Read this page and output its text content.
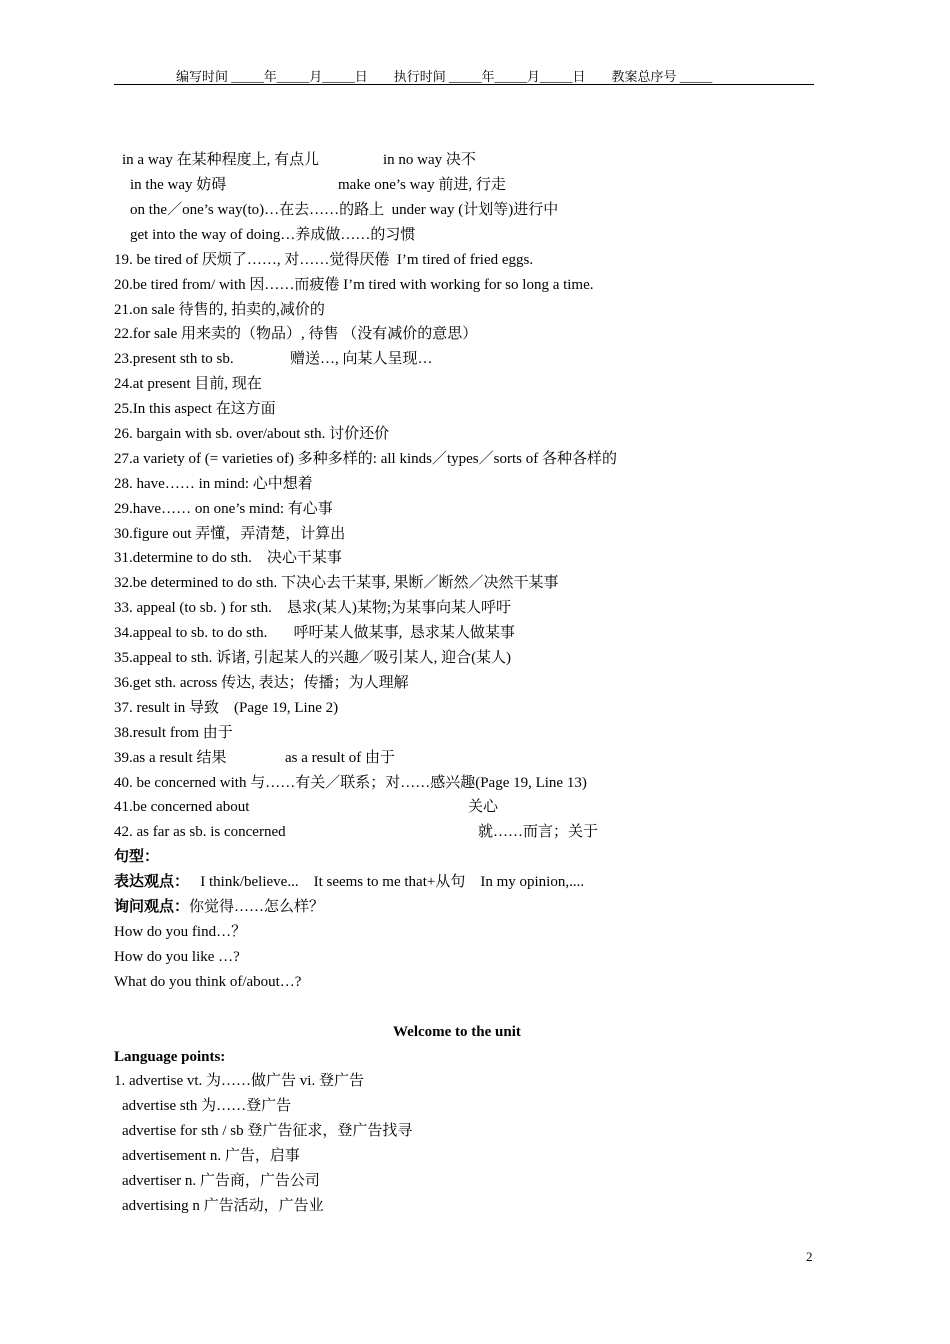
编写时间 _____年_____月_____日　　执行时间 _____年_____月_____日　　教案总序号 _____

in a way 在某种程度上, 有点儿	in no way 决不
in the way 妨碍	make one’s way 前进, 行走
on the／one’s way(to)…在去……的路上  under way (计划等)进行中
get into the way of doing…养成做……的习惯
19. be tired of 厌烦了……, 对……觉得厌倦  I’m tired of fried eggs.
20.be tired from/ with 因……而疲倦 I’m tired with working for so long a time.
21.on sale 待售的, 拍卖的,减价的
22.for sale 用来卖的（物品）, 待售 （没有减价的意思）
23.present sth to sb.	赠送…, 向某人呈现…
24.at present 目前, 现在
25.In this aspect 在这方面
26. bargain with sb. over/about sth. 讨价还价
27.a variety of (= varieties of) 多种多样的: all kinds／types／sorts of 各种各样的
28. have…… in mind: 心中想着
29.have…… on one’s mind: 有心事
30.figure out 弄懂，弄清楚，计算出
31.determine to do sth.    决心干某事
32.be determined to do sth. 下决心去干某事, 果断／断然／决然干某事
33. appeal (to sb. ) for sth.    恳求(某人)某物;为某事向某人呼吁
34.appeal to sb. to do sth.       呼吁某人做某事,  恳求某人做某事
35.appeal to sth. 诉诸, 引起某人的兴趣／吸引某人, 迎合(某人)
36.get sth. across 传达, 表达；传播；为人理解
37. result in 导致    (Page 19, Line 2)
38.result from 由于
39.as a result 结果	as a result of 由于
40. be concerned with 与……有关／联系；对……感兴趣(Page 19, Line 13)
41.be concerned about	关心
42. as far as sb. is concerned	就……而言；关于
句型：
表达观点：   I think/believe...    It seems to me that+从句    In my opinion,....
询问观点：你觉得……怎么样？
How do you find…？
How do you like …?
What do you think of/about…?
Welcome to the unit
Language points:
1. advertise vt. 为……做广告 vi. 登广告
advertise sth 为……登广告
advertise for sth / sb 登广告征求，登广告找寻
advertisement n. 广告，启事
advertiser n. 广告商，广告公司
advertising n 广告活动，广告业
2
